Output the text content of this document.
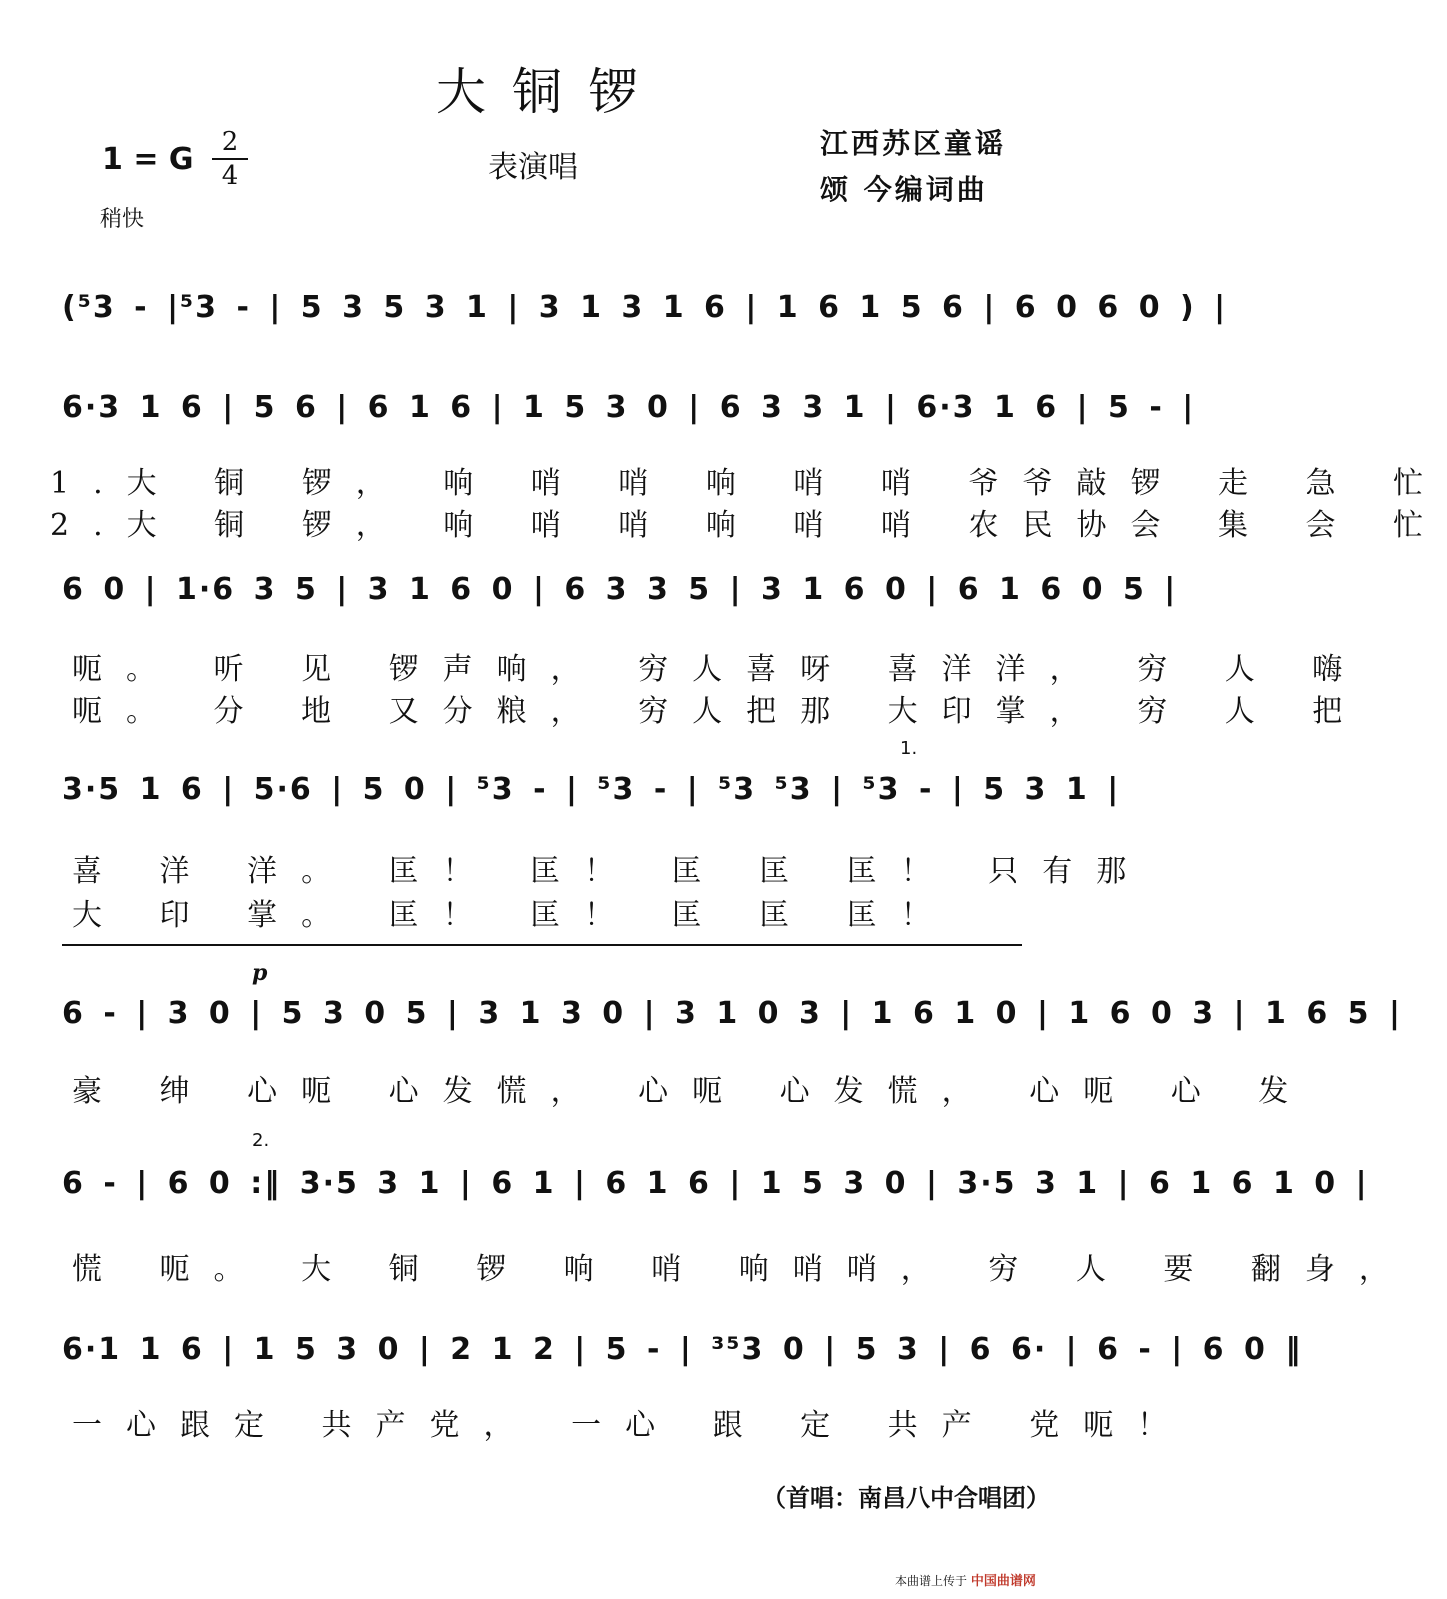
大铜锣
1 = G	2
4	表演唱
江西苏区童谣
颂 今编词曲
稍快
(⁵3 - |⁵3 - | 5 3 5 3 1 | 3 1 3 1 6 | 1 6 1 5 6 | 6 0 6 0 ) |
6·3 1 6 | 5 6 | 6 1 6 | 1 5 3 0 | 6 3 3 1 | 6·3 1 6 | 5 - |
1.大 铜 锣， 响 哨 哨 响 哨 哨 爷爷敲锣 走 急 忙
2.大 铜 锣， 响 哨 哨 响 哨 哨 农民协会 集 会 忙
6 0 | 1·6 3 5 | 3 1 6 0 | 6 3 3 5 | 3 1 6 0 | 6 1 6 0 5 |
呃。 听 见 锣声响， 穷人喜呀 喜洋洋， 穷 人 嗨
呃。 分 地 又分粮， 穷人把那 大印掌， 穷 人 把
3·5 1 6 | 5·6 | 5 0 | ⁵3 - | ⁵3 - | ⁵3 ⁵3 | ⁵3 - | 5 3 1 |
1.
喜 洋 洋。 匡！ 匡！ 匡 匡 匡！ 只有那
大 印 掌。 匡！ 匡！ 匡 匡 匡！
p
6 - | 3 0 | 5 3 0 5 | 3 1 3 0 | 3 1 0 3 | 1 6 1 0 | 1 6 0 3 | 1 6 5 |
豪 绅 心呃 心发慌， 心呃 心发慌， 心呃 心 发
2.
6 - | 6 0 :‖ 3·5 3 1 | 6 1 | 6 1 6 | 1 5 3 0 | 3·5 3 1 | 6 1 6 1 0 |
慌 呃。 大 铜 锣 响 哨 响哨哨， 穷 人 要 翻身，
6·1 1 6 | 1 5 3 0 | 2 1 2 | 5 - | ³⁵3 0 | 5 3 | 6 6· | 6 - | 6 0 ‖
一心跟定 共产党， 一心 跟 定 共产 党呃！
（首唱：南昌八中合唱团）
本曲谱上传于 中国曲谱网
